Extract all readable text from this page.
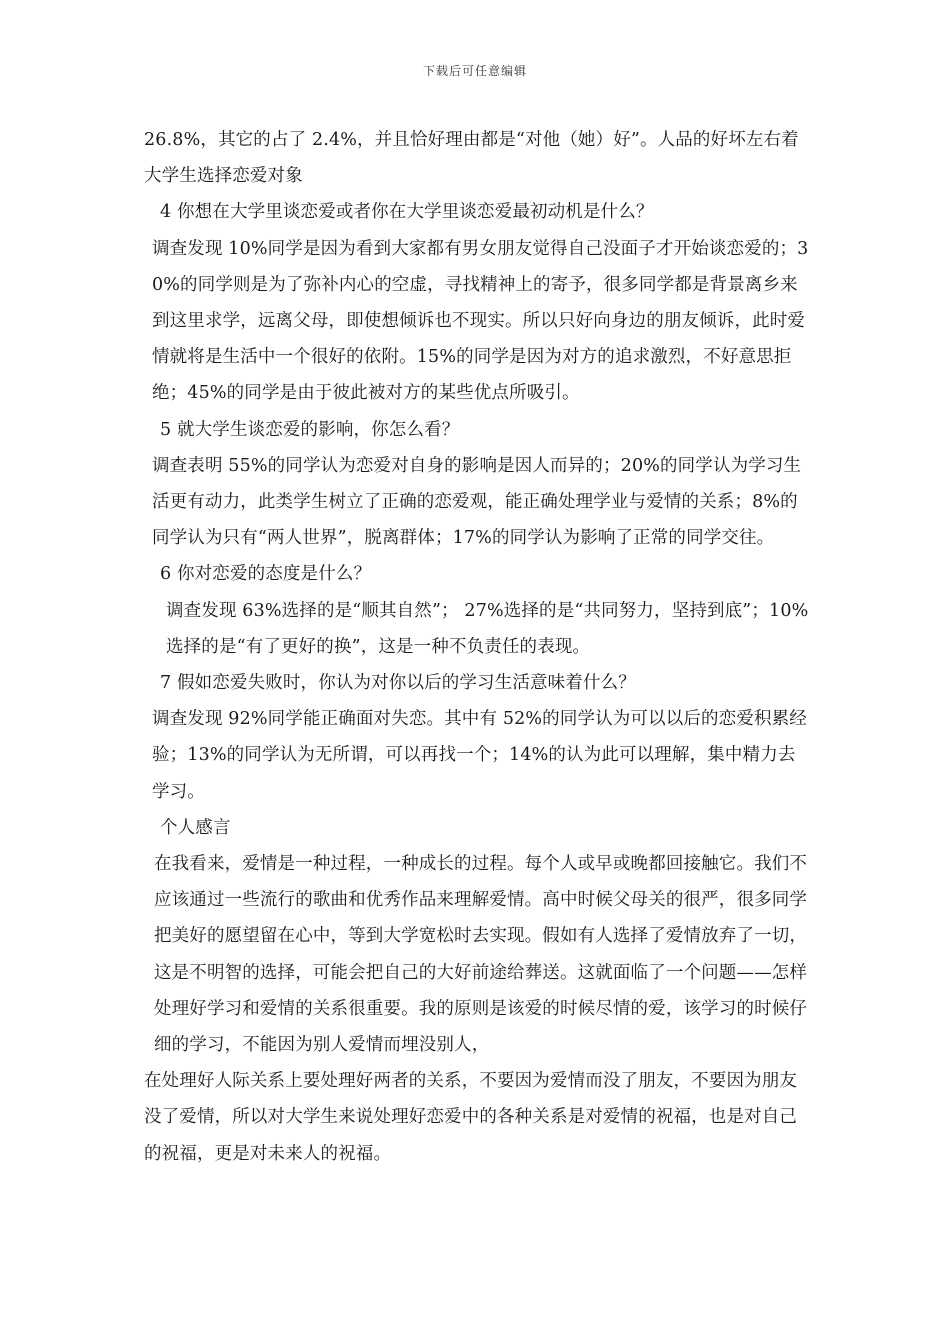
下载后可任意编辑

26.8%，其它的占了 2.4%，并且恰好理由都是“对他（她）好”。人品的好坏左右着大学生选择恋爱对象

4 你想在大学里谈恋爱或者你在大学里谈恋爱最初动机是什么？

调查发现 10%同学是因为看到大家都有男女朋友觉得自己没面子才开始谈恋爱的；30%的同学则是为了弥补内心的空虚，寻找精神上的寄予，很多同学都是背景离乡来到这里求学，远离父母，即使想倾诉也不现实。所以只好向身边的朋友倾诉，此时爱情就将是生活中一个很好的依附。15%的同学是因为对方的追求激烈，不好意思拒绝；45%的同学是由于彼此被对方的某些优点所吸引。

5 就大学生谈恋爱的影响，你怎么看？

调查表明 55%的同学认为恋爱对自身的影响是因人而异的；20%的同学认为学习生活更有动力，此类学生树立了正确的恋爱观，能正确处理学业与爱情的关系；8%的同学认为只有“两人世界”，脱离群体；17%的同学认为影响了正常的同学交往。

6 你对恋爱的态度是什么？

调查发现 63%选择的是“顺其自然”； 27%选择的是“共同努力，坚持到底”；10%选择的是“有了更好的换”，这是一种不负责任的表现。

7 假如恋爱失败时，你认为对你以后的学习生活意味着什么？

调查发现 92%同学能正确面对失恋。其中有 52%的同学认为可以以后的恋爱积累经验；13%的同学认为无所谓，可以再找一个；14%的认为此可以理解，集中精力去学习。

个人感言

在我看来，爱情是一种过程，一种成长的过程。每个人或早或晚都回接触它。我们不应该通过一些流行的歌曲和优秀作品来理解爱情。高中时候父母关的很严，很多同学把美好的愿望留在心中，等到大学宽松时去实现。假如有人选择了爱情放弃了一切，这是不明智的选择，可能会把自己的大好前途给葬送。这就面临了一个问题——怎样处理好学习和爱情的关系很重要。我的原则是该爱的时候尽情的爱，该学习的时候仔细的学习，不能因为别人爱情而埋没别人，

在处理好人际关系上要处理好两者的关系，不要因为爱情而没了朋友，不要因为朋友没了爱情，所以对大学生来说处理好恋爱中的各种关系是对爱情的祝福，也是对自己的祝福，更是对未来人的祝福。
